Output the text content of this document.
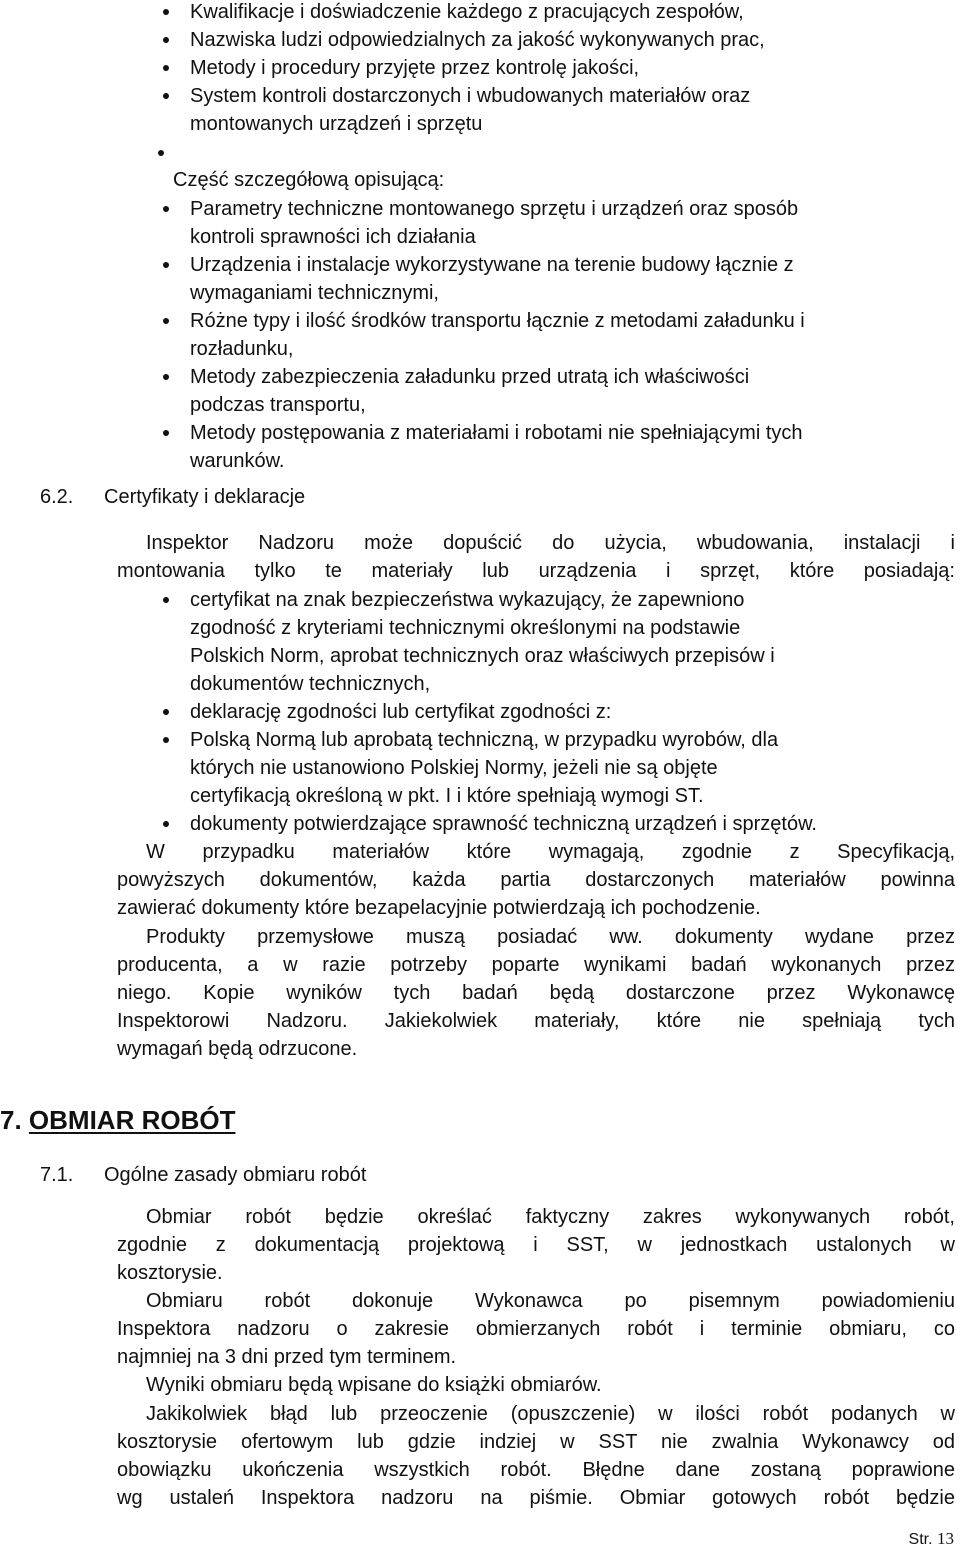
Kwalifikacje i doświadczenie każdego z pracujących zespołów,
Nazwiska ludzi odpowiedzialnych za jakość wykonywanych prac,
Metody i procedury przyjęte przez kontrolę jakości,
System kontroli dostarczonych i wbudowanych materiałów oraz
montowanych urządzeń i sprzętu
Część szczegółową opisującą:
Parametry techniczne montowanego sprzętu i urządzeń oraz sposób
kontroli sprawności ich działania
Urządzenia i instalacje wykorzystywane na terenie budowy łącznie z
wymaganiami technicznymi,
Różne typy i ilość środków transportu łącznie z metodami załadunku i
rozładunku,
Metody zabezpieczenia załadunku przed utratą ich właściwości
podczas transportu,
Metody postępowania z materiałami i robotami nie spełniającymi tych
warunków.
6.2. Certyfikaty i deklaracje
Inspektor Nadzoru może dopuścić do użycia, wbudowania, instalacji i
montowania tylko te materiały lub urządzenia i sprzęt, które posiadają:
certyfikat na znak bezpieczeństwa wykazujący, że zapewniono
zgodność z kryteriami technicznymi określonymi na podstawie
Polskich Norm, aprobat technicznych oraz właściwych przepisów i
dokumentów technicznych,
deklarację zgodności lub certyfikat zgodności z:
Polską Normą lub aprobatą techniczną, w przypadku wyrobów, dla
których nie ustanowiono Polskiej Normy, jeżeli nie są objęte
certyfikacją określoną w pkt. I i które spełniają wymogi ST.
dokumenty potwierdzające sprawność techniczną urządzeń i sprzętów.
W przypadku materiałów które wymagają, zgodnie z Specyfikacją,
powyższych dokumentów, każda partia dostarczonych materiałów powinna
zawierać dokumenty które bezapelacyjnie potwierdzają ich pochodzenie.
Produkty przemysłowe muszą posiadać ww. dokumenty wydane przez
producenta, a w razie potrzeby poparte wynikami badań wykonanych przez
niego. Kopie wyników tych badań będą dostarczone przez Wykonawcę
Inspektorowi Nadzoru. Jakiekolwiek materiały, które nie spełniają tych
wymagań będą odrzucone.
7. OBMIAR ROBÓT
7.1. Ogólne zasady obmiaru robót
Obmiar robót będzie określać faktyczny zakres wykonywanych robót,
zgodnie z dokumentacją projektową i SST, w jednostkach ustalonych w
kosztorysie.
Obmiaru robót dokonuje Wykonawca po pisemnym powiadomieniu
Inspektora nadzoru o zakresie obmierzanych robót i terminie obmiaru, co
najmniej na 3 dni przed tym terminem.
Wyniki obmiaru będą wpisane do książki obmiarów.
Jakikolwiek błąd lub przeoczenie (opuszczenie) w ilości robót podanych w
kosztorysie ofertowym lub gdzie indziej w SST nie zwalnia Wykonawcy od
obowiązku ukończenia wszystkich robót. Błędne dane zostaną poprawione
wg ustaleń Inspektora nadzoru na piśmie. Obmiar gotowych robót będzie
Str. 13
